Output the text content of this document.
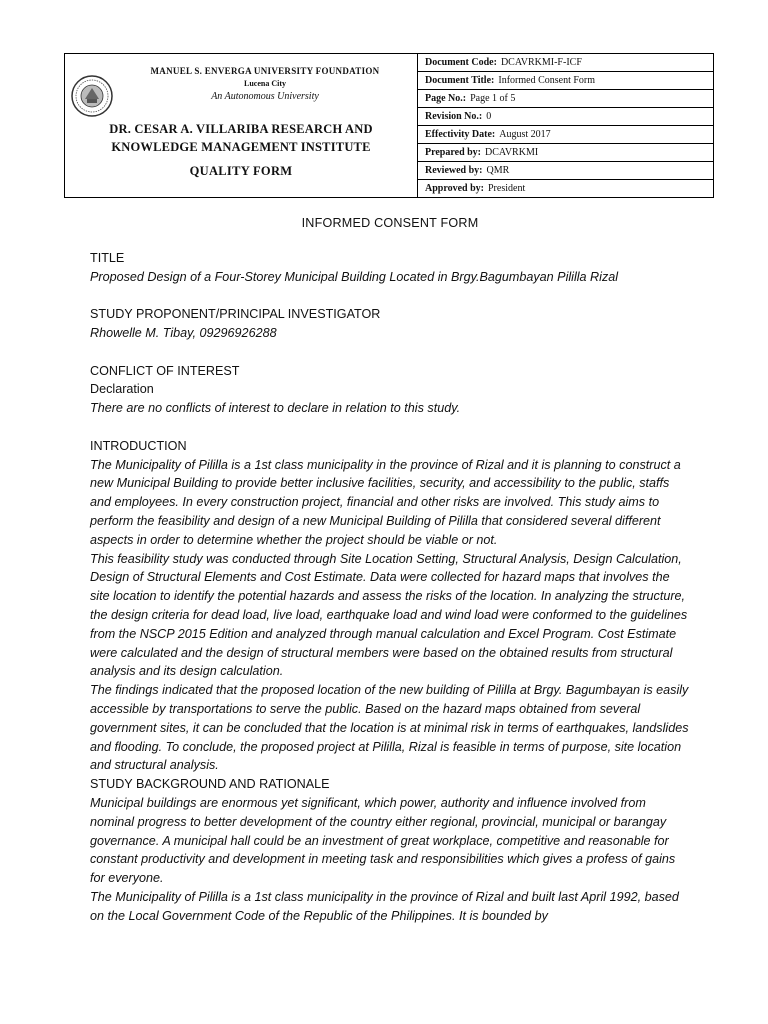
MANUEL S. ENVERGA UNIVERSITY FOUNDATION
Lucena City
An Autonomous University
DR. CESAR A. VILLARIBA RESEARCH AND
KNOWLEDGE MANAGEMENT INSTITUTE
QUALITY FORM
Document Code: DCAVRKMI-F-ICF
Document Title: Informed Consent Form
Page No.: Page 1 of 5
Revision No.: 0
Effectivity Date: August 2017
Prepared by: DCAVRKMI
Reviewed by: QMR
Approved by: President
INFORMED CONSENT FORM

TITLE

Proposed Design of a Four-Storey Municipal Building Located in Brgy.Bagumbayan Pililla Rizal

STUDY PROPONENT/PRINCIPAL INVESTIGATOR

Rhowelle M. Tibay, 09296926288

CONFLICT OF INTEREST

Declaration

There are no conflicts of interest to declare in relation to this study.

INTRODUCTION

The Municipality of Pililla is a 1st class municipality in the province of Rizal and it is planning to construct a new Municipal Building to provide better inclusive facilities, security, and accessibility to the public, staffs and employees. In every construction project, financial and other risks are involved. This study aims to perform the feasibility and design of a new Municipal Building of Pililla that considered several different aspects in order to determine whether the project should be viable or not.

This feasibility study was conducted through Site Location Setting, Structural Analysis, Design Calculation, Design of Structural Elements and Cost Estimate. Data were collected for hazard maps that involves the site location to identify the potential hazards and assess the risks of the location. In analyzing the structure, the design criteria for dead load, live load, earthquake load and wind load were conformed to the guidelines from the NSCP 2015 Edition and analyzed through manual calculation and Excel Program. Cost Estimate were calculated and the design of structural members were based on the obtained results from structural analysis and its design calculation.

The findings indicated that the proposed location of the new building of Pililla at Brgy. Bagumbayan is easily accessible by transportations to serve the public. Based on the hazard maps obtained from several government sites, it can be concluded that the location is at minimal risk in terms of earthquakes, landslides and flooding. To conclude, the proposed project at Pililla, Rizal is feasible in terms of purpose, site location and structural analysis.

STUDY BACKGROUND AND RATIONALE

Municipal buildings are enormous yet significant, which power, authority and influence involved from nominal progress to better development of the country either regional, provincial, municipal or barangay governance. A municipal hall could be an investment of great workplace, competitive and reasonable for constant productivity and development in meeting task and responsibilities which gives a profess of gains for everyone.

The Municipality of Pililla is a 1st class municipality in the province of Rizal and built last April 1992, based on the Local Government Code of the Republic of the Philippines. It is bounded by
